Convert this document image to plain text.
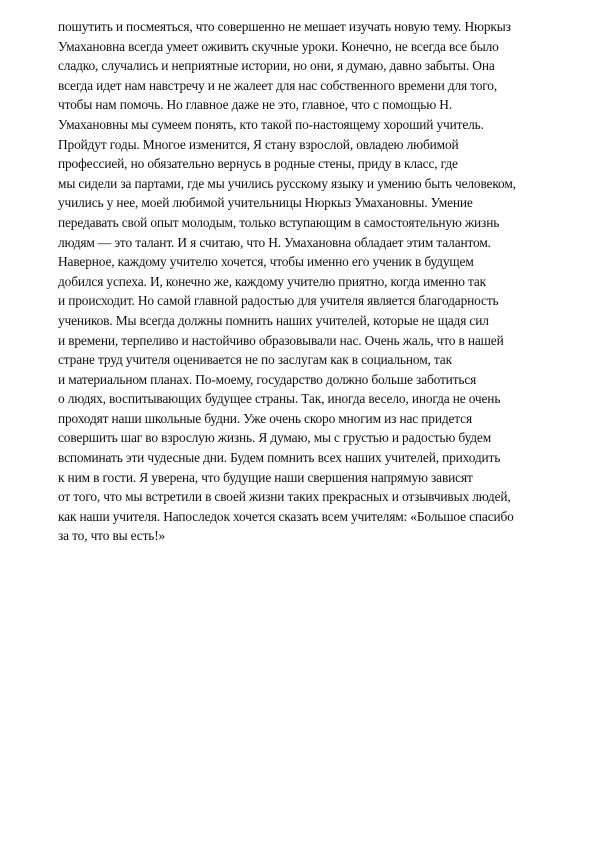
пошутить и посмеяться, что совершенно не мешает изучать новую тему. Нюркыз
Умахановна всегда умеет оживить скучные уроки. Конечно, не всегда все было
сладко, случались и неприятные истории, но они, я думаю, давно забыты. Она
всегда идет нам навстречу и не жалеет для нас собственного времени для того,
чтобы нам помочь. Но главное даже не это, главное, что с помощью Н.
Умахановны мы сумеем понять, кто такой по-настоящему хороший учитель.
Пройдут годы. Многое изменится, Я стану взрослой, овладею любимой
профессией, но обязательно вернусь в родные стены, приду в класс, где
мы сидели за партами, где мы учились русскому языку и умению быть человеком,
учились у нее, моей любимой учительницы Нюркыз Умахановны. Умение
передавать свой опыт молодым, только вступающим в самостоятельную жизнь
людям — это талант. И я считаю, что Н. Умахановна обладает этим талантом.
Наверное, каждому учителю хочется, чтобы именно его ученик в будущем
добился успеха. И, конечно же, каждому учителю приятно, когда именно так
и происходит. Но самой главной радостью для учителя является благодарность
учеников. Мы всегда должны помнить наших учителей, которые не щадя сил
и времени, терпеливо и настойчиво образовывали нас. Очень жаль, что в нашей
стране труд учителя оценивается не по заслугам как в социальном, так
и материальном планах. По-моему, государство должно больше заботиться
о людях, воспитывающих будущее страны. Так, иногда весело, иногда не очень
проходят наши школьные будни. Уже очень скоро многим из нас придется
совершить шаг во взрослую жизнь. Я думаю, мы с грустью и радостью будем
вспоминать эти чудесные дни. Будем помнить всех наших учителей, приходить
к ним в гости. Я уверена, что будущие наши свершения напрямую зависят
от того, что мы встретили в своей жизни таких прекрасных и отзывчивых людей,
как наши учителя. Напоследок хочется сказать всем учителям: «Большое спасибо
за то, что вы есть!»
